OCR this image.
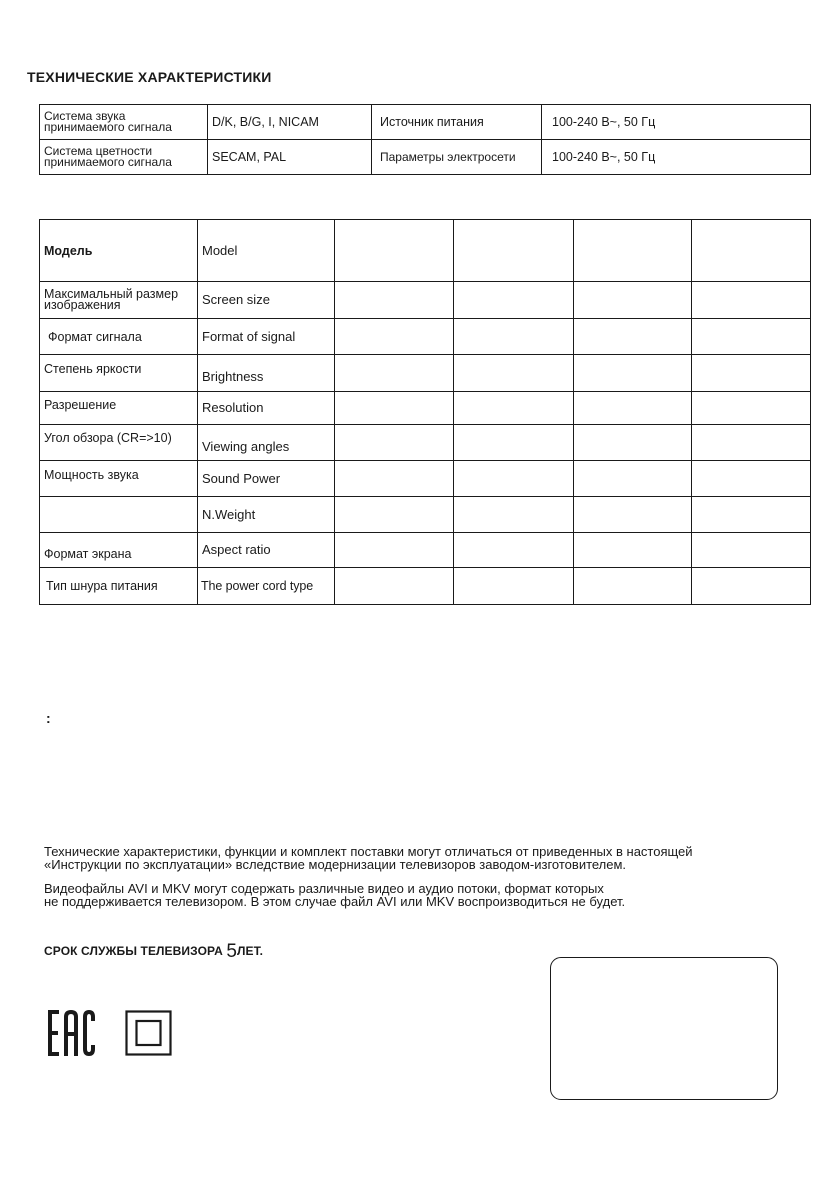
ТЕХНИЧЕСКИЕ ХАРАКТЕРИСТИКИ
Система звука принимаемого сигнала	D/K, B/G, I, NICAM	Источник питания	100-240 В~, 50 Гц
Система цветности принимаемого сигнала	SECAM, PAL	Параметры электросети	100-240 В~, 50 Гц
Модель	Model				
Максимальный размер изображения	Screen size				
Формат сигнала	Format of signal				
Степень яркости	Brightness				
Разрешение	Resolution				
Угол обзора (CR=>10)	Viewing angles				
Мощность звука	Sound Power				
	N.Weight				
Формат экрана	Aspect ratio				
Тип шнура питания	The power cord type				
:
Технические характеристики, функции и комплект поставки могут отличаться от приведенных в настоящей
«Инструкции по эксплуатации» вследствие модернизации телевизоров заводом-изготовителем.
Видеофайлы AVI и MKV могут содержать различные видео и аудио потоки, формат которых
не поддерживается телевизором. В этом случае файл AVI или MKV воспроизводиться не будет.
СРОК СЛУЖБЫ ТЕЛЕВИЗОРА 5ЛЕТ.
